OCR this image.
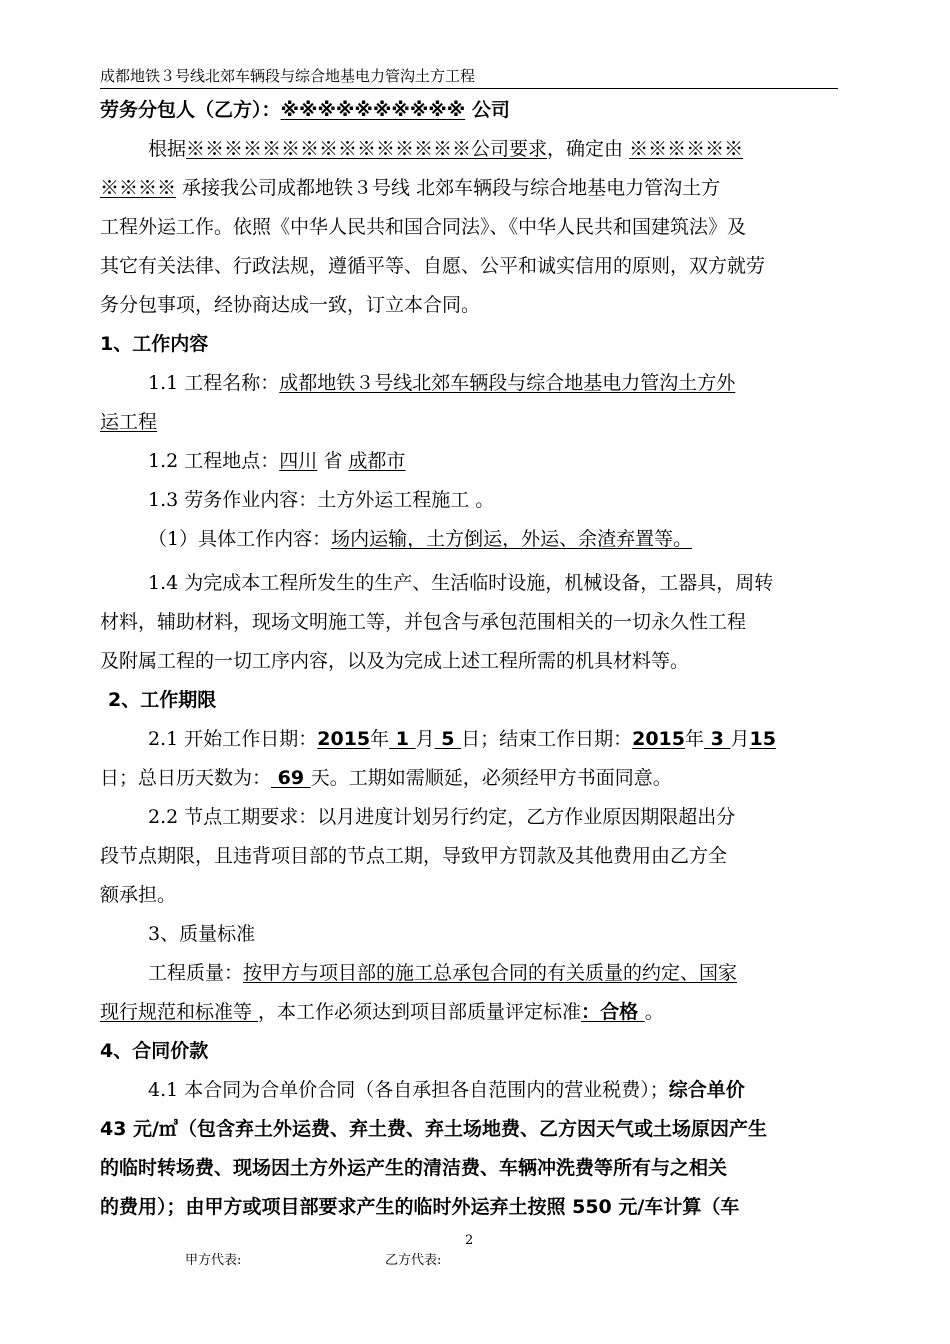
成都地铁３号线北郊车辆段与综合地基电力管沟土方工程
劳务分包人（乙方）：※※※※※※※※※※ 公司
根据※※※※※※※※※※※※※※※公司要求，确定由 ※※※※※※
※※※※ 承接我公司成都地铁３号线 北郊车辆段与综合地基电力管沟土方
工程外运工作。依照《中华人民共和国合同法》、《中华人民共和国建筑法》及
其它有关法律、行政法规，遵循平等、自愿、公平和诚实信用的原则，双方就劳
务分包事项，经协商达成一致，订立本合同。
1、工作内容
1.1 工程名称：成都地铁３号线北郊车辆段与综合地基电力管沟土方外
运工程
1.2 工程地点：四川 省 成都市
1.3 劳务作业内容：土方外运工程施工 。
（1）具体工作内容：场内运输，土方倒运，外运、余渣弃置等。
1.4 为完成本工程所发生的生产、生活临时设施，机械设备，工器具，周转
材料，辅助材料，现场文明施工等，并包含与承包范围相关的一切永久性工程
及附属工程的一切工序内容，以及为完成上述工程所需的机具材料等。
2、工作期限
2.1 开始工作日期：2015年 1 月 5 日；结束工作日期：2015年 3 月15
日；总日历天数为： 69 天。工期如需顺延，必须经甲方书面同意。
2.2 节点工期要求：以月进度计划另行约定，乙方作业原因期限超出分
段节点期限，且违背项目部的节点工期，导致甲方罚款及其他费用由乙方全
额承担。
3、质量标准
工程质量：按甲方与项目部的施工总承包合同的有关质量的约定、国家
现行规范和标准等 ，本工作必须达到项目部质量评定标准：合格 。
4、合同价款
4.1 本合同为合单价合同（各自承担各自范围内的营业税费）；综合单价
43 元/㎥（包含弃土外运费、弃土费、弃土场地费、乙方因天气或土场原因产生
的临时转场费、现场因土方外运产生的清洁费、车辆冲洗费等所有与之相关
的费用）；由甲方或项目部要求产生的临时外运弃土按照 550 元/车计算（车
2
甲方代表:	乙方代表:
